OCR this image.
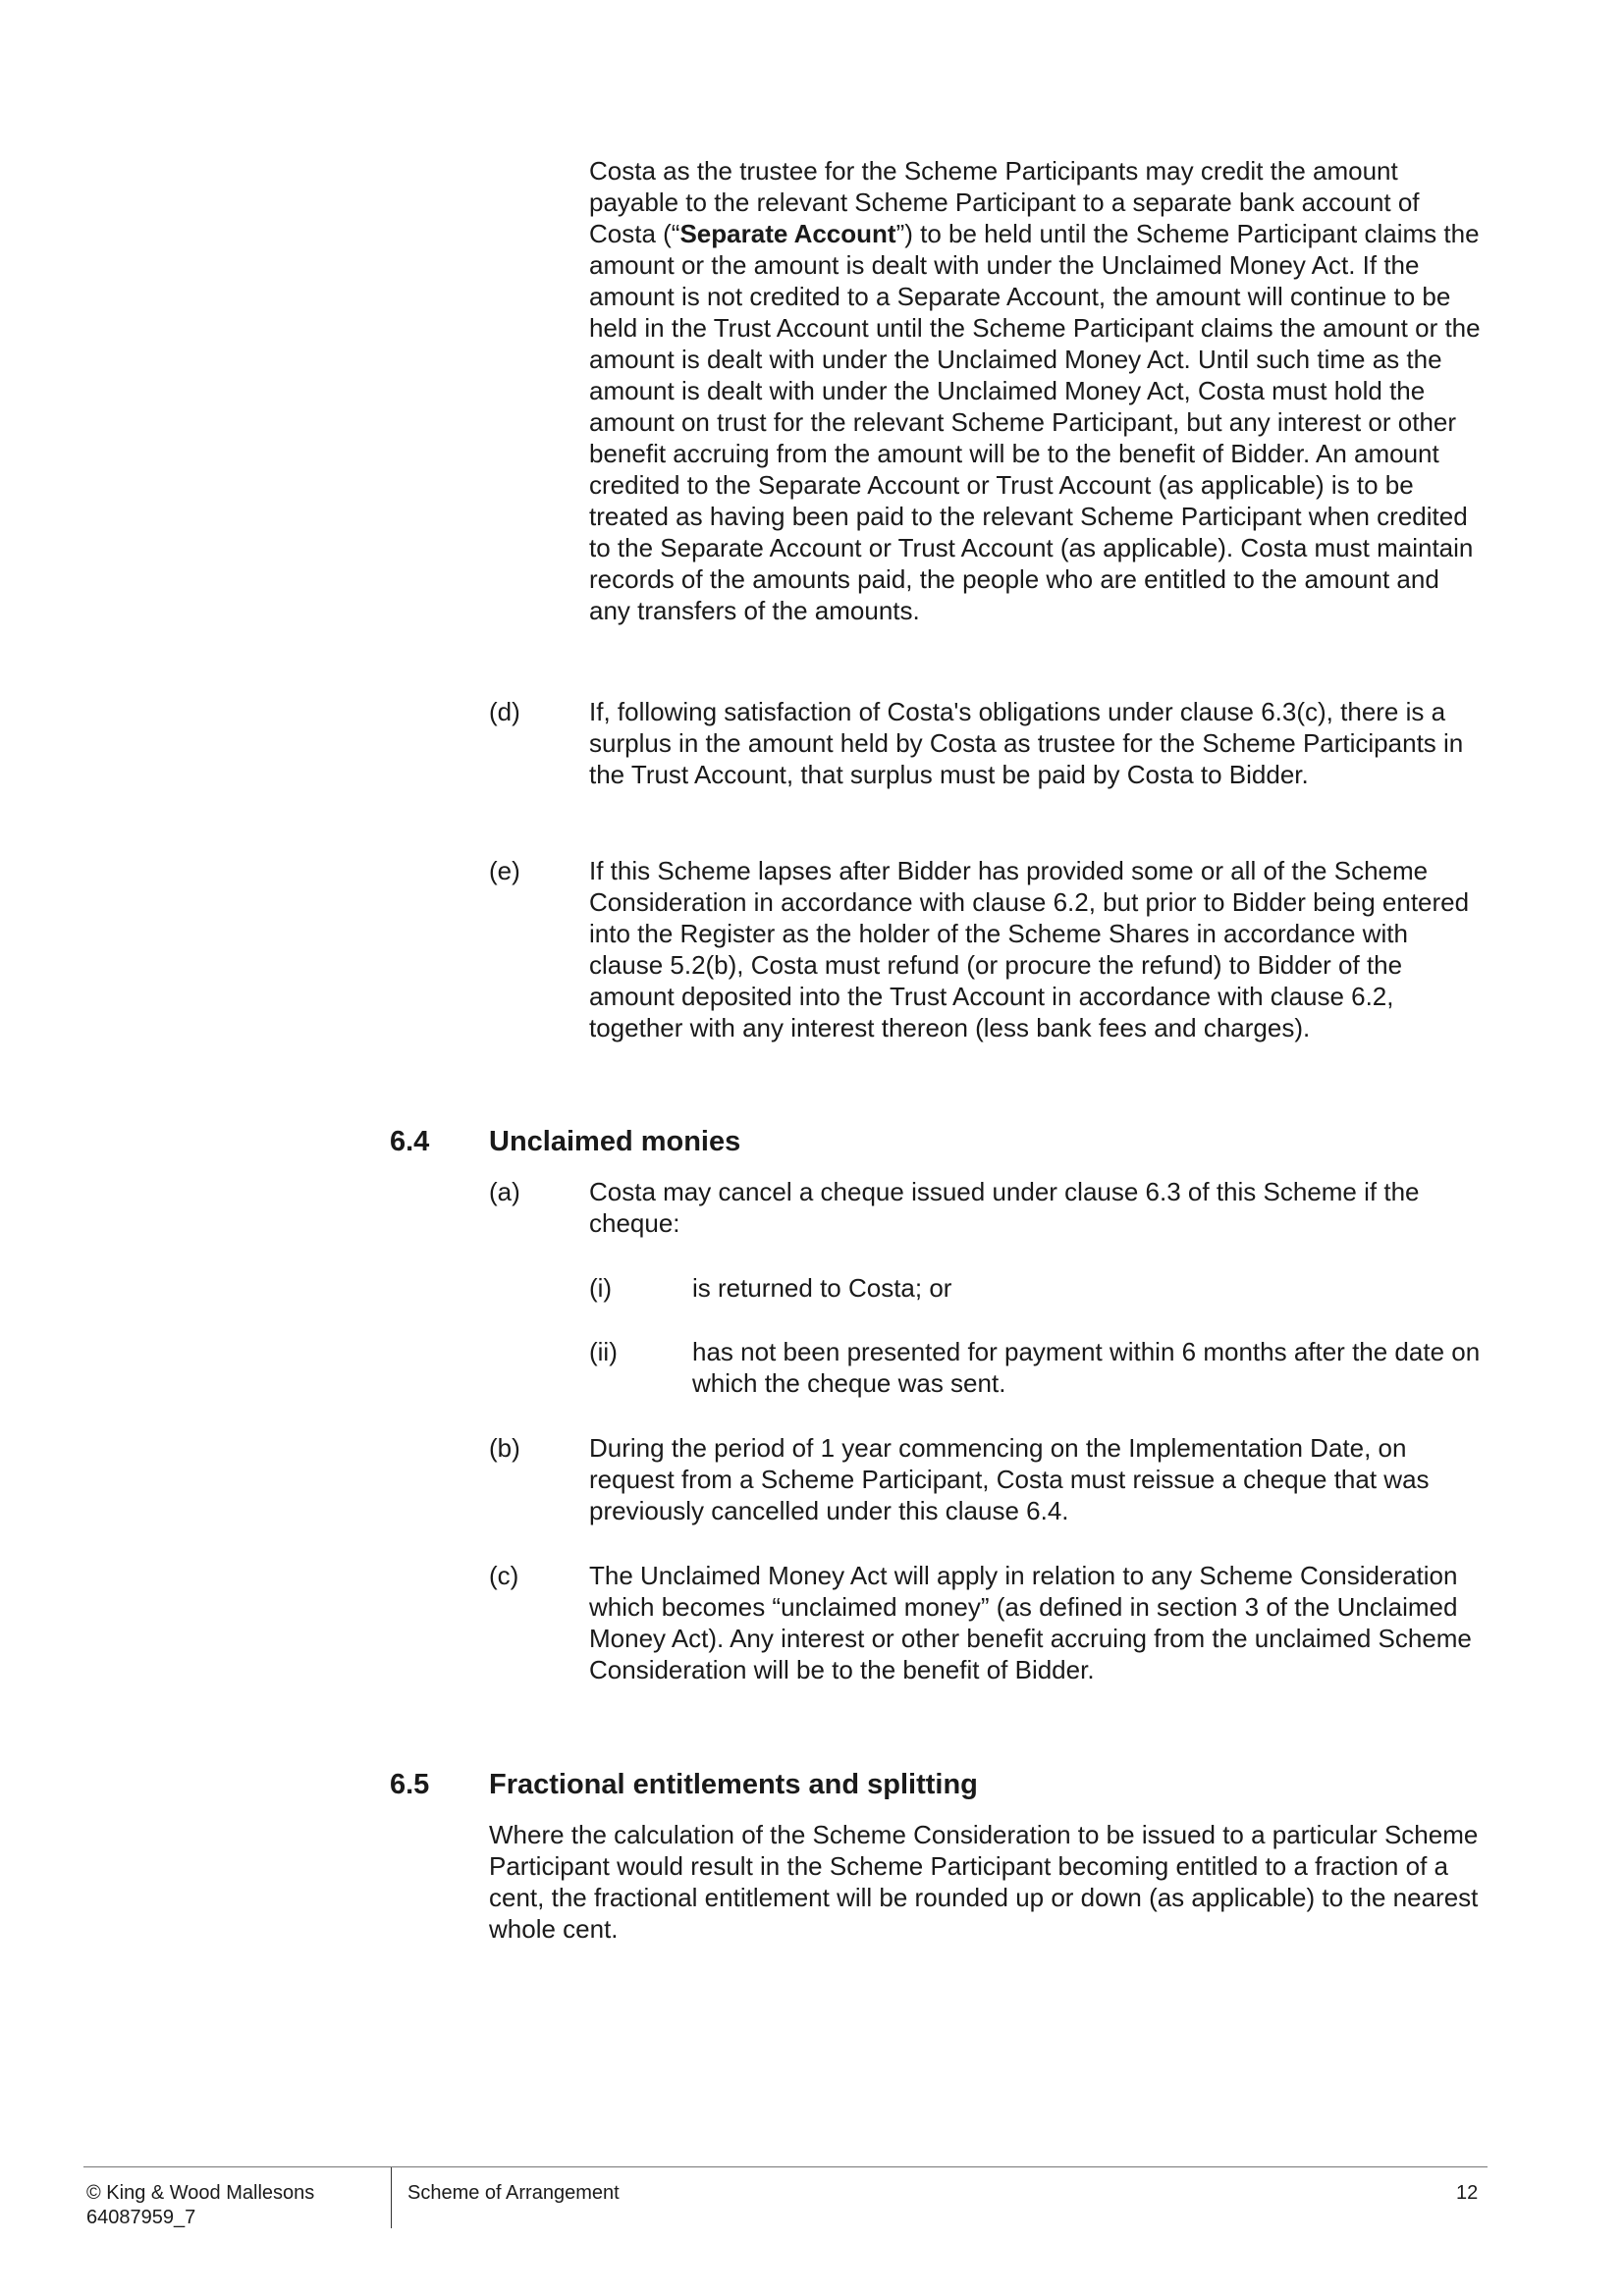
Costa as the trustee for the Scheme Participants may credit the amount payable to the relevant Scheme Participant to a separate bank account of Costa (“Separate Account”) to be held until the Scheme Participant claims the amount or the amount is dealt with under the Unclaimed Money Act. If the amount is not credited to a Separate Account, the amount will continue to be held in the Trust Account until the Scheme Participant claims the amount or the amount is dealt with under the Unclaimed Money Act. Until such time as the amount is dealt with under the Unclaimed Money Act, Costa must hold the amount on trust for the relevant Scheme Participant, but any interest or other benefit accruing from the amount will be to the benefit of Bidder. An amount credited to the Separate Account or Trust Account (as applicable) is to be treated as having been paid to the relevant Scheme Participant when credited to the Separate Account or Trust Account (as applicable). Costa must maintain records of the amounts paid, the people who are entitled to the amount and any transfers of the amounts.

(d)	If, following satisfaction of Costa's obligations under clause 6.3(c), there is a surplus in the amount held by Costa as trustee for the Scheme Participants in the Trust Account, that surplus must be paid by Costa to Bidder.

(e)	If this Scheme lapses after Bidder has provided some or all of the Scheme Consideration in accordance with clause 6.2, but prior to Bidder being entered into the Register as the holder of the Scheme Shares in accordance with clause 5.2(b), Costa must refund (or procure the refund) to Bidder of the amount deposited into the Trust Account in accordance with clause 6.2, together with any interest thereon (less bank fees and charges).

6.4 Unclaimed monies
(a)	Costa may cancel a cheque issued under clause 6.3 of this Scheme if the cheque:

(i)	is returned to Costa; or

(ii)	has not been presented for payment within 6 months after the date on which the cheque was sent.

(b)	During the period of 1 year commencing on the Implementation Date, on request from a Scheme Participant, Costa must reissue a cheque that was previously cancelled under this clause 6.4.

(c)	The Unclaimed Money Act will apply in relation to any Scheme Consideration which becomes “unclaimed money” (as defined in section 3 of the Unclaimed Money Act). Any interest or other benefit accruing from the unclaimed Scheme Consideration will be to the benefit of Bidder.

6.5 Fractional entitlements and splitting

Where the calculation of the Scheme Consideration to be issued to a particular Scheme Participant would result in the Scheme Participant becoming entitled to a fraction of a cent, the fractional entitlement will be rounded up or down (as applicable) to the nearest whole cent.

© King & Wood Mallesons
64087959_7
Scheme of Arrangement	12
